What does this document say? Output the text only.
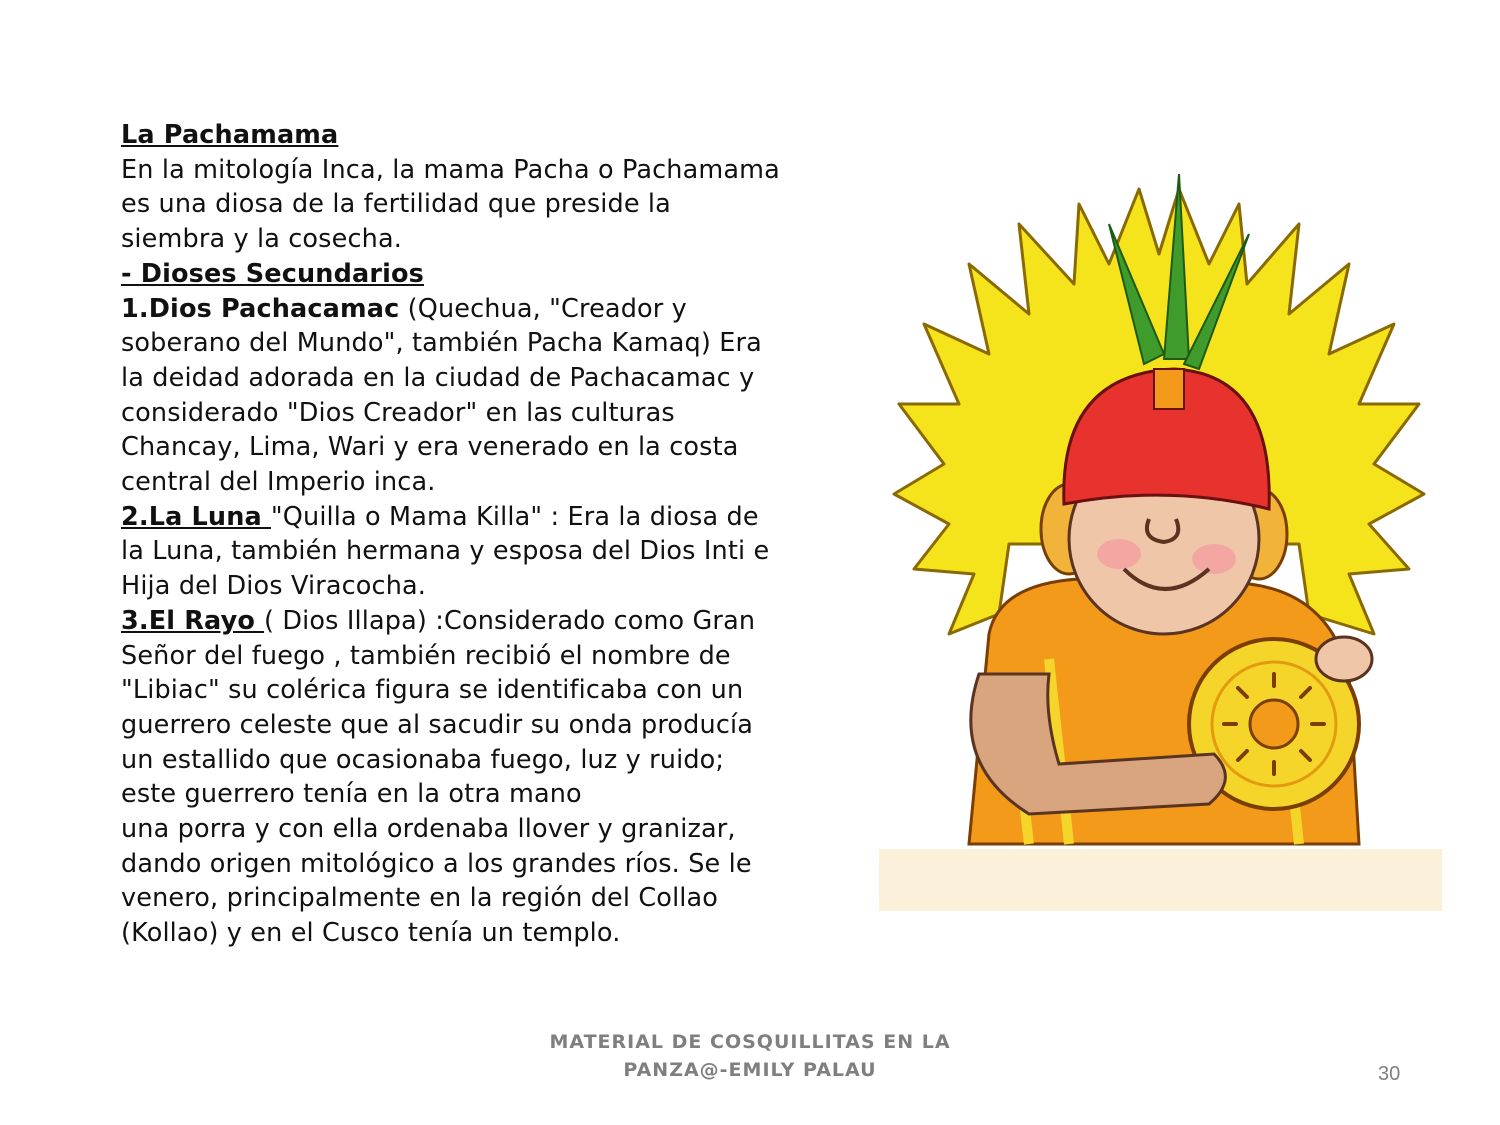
La Pachamama

En la mitología Inca, la mama Pacha o Pachamama

es una diosa de la fertilidad que preside la

siembra y la cosecha.

- Dioses Secundarios

1.Dios Pachacamac (Quechua, "Creador y

soberano del Mundo", también Pacha Kamaq) Era

la deidad adorada en la ciudad de Pachacamac y

considerado "Dios Creador" en las culturas

Chancay, Lima, Wari y era venerado en la costa

central del Imperio inca.

2.La Luna "Quilla o Mama Killa" : Era la diosa de

la Luna, también hermana y esposa del Dios Inti e

Hija del Dios Viracocha.

3.El Rayo ( Dios Illapa) :Considerado como Gran

Señor del fuego , también recibió el nombre de

"Libiac" su colérica figura se identificaba con un

guerrero celeste que al sacudir su onda producía

un estallido que ocasionaba fuego, luz y ruido;

este guerrero tenía en la otra mano

una porra y con ella ordenaba llover y granizar,

dando origen mitológico a los grandes ríos. Se le

venero, principalmente en la región del Collao

(Kollao) y en el Cusco tenía un templo.

MATERIAL DE COSQUILLITAS EN LA
PANZA@-EMILY PALAU	30
